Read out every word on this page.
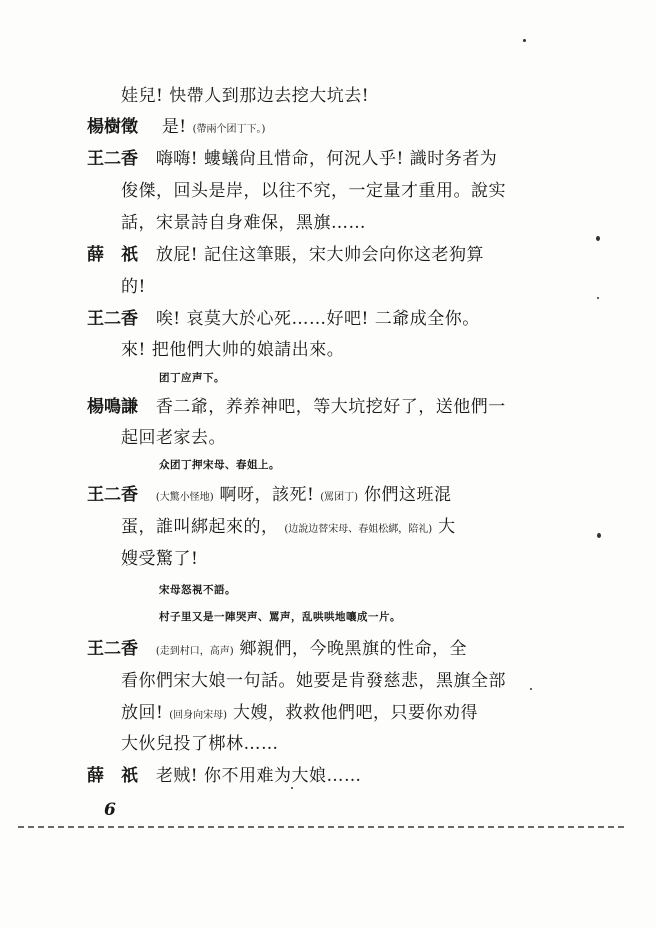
娃兒! 快帶人到那边去挖大坑去!
楊樹徵 是! (帶兩个团丁下。)
王二香 嗨嗨! 螻蟻尙且惜命，何況人乎! 識时务者为
俊傑，回头是岸，以往不究，一定量才重用。說实
話，宋景詩自身难保，黑旗……
薛　祇 放屁! 記住这筆賬，宋大帅会向你这老狗算
的!
王二香 唉! 哀莫大於心死……好吧! 二爺成全你。
來! 把他們大帅的娘請出來。
团丁应声下。
楊鳴謙 香二爺，养养神吧，等大坑挖好了，送他們一
起回老家去。
众团丁押宋母、春姐上。
王二香 (大驚小怪地) 啊呀，該死! (罵团丁) 你們这班混
蛋，誰叫綁起來的， (边說边替宋母、春姐松綁，陪礼) 大
嫂受驚了!
宋母怒視不語。
村子里又是一陣哭声、罵声，乱哄哄地嚷成一片。
王二香 (走到村口，高声) 鄉親們，今晚黑旗的性命，全
看你們宋大娘一句話。她要是肯發慈悲，黑旗全部
放回! (回身向宋母) 大嫂，救救他們吧，只要你劝得
大伙兒投了梆林……
薛　祇 老贼! 你不用难为大娘……
6
